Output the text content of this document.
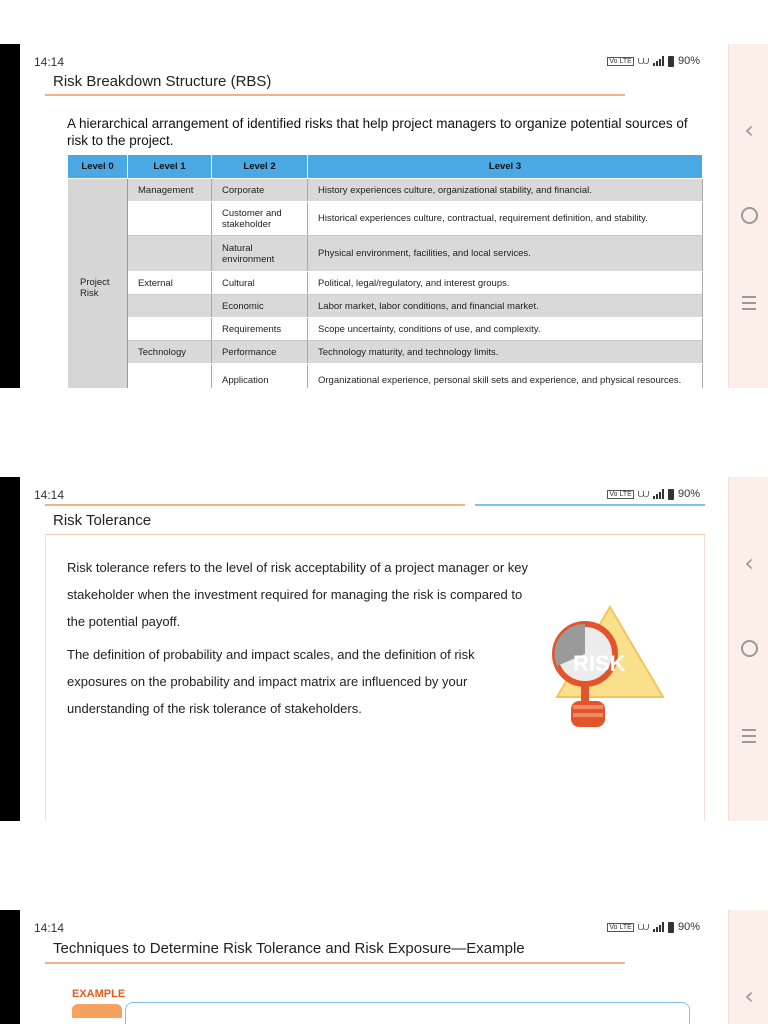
14:14	Vo LTE ⩊	90%
Risk Breakdown Structure (RBS)
A hierarchical arrangement of identified risks that help project managers to organize potential sources of risk to the project.
Level 0	Level 1	Level 2	Level 3
Project Risk	Management	Corporate	History experiences culture, organizational stability, and financial.
		Customer and stakeholder	Historical experiences culture, contractual, requirement definition, and stability.
		Natural environment	Physical environment, facilities, and local services.
	External	Cultural	Political, legal/regulatory, and interest groups.
		Economic	Labor market, labor conditions, and financial market.
		Requirements	Scope uncertainty, conditions of use, and complexity.
	Technology	Performance	Technology maturity, and technology limits.
		Application	Organizational experience, personal skill sets and experience, and physical resources.
‹
14:14	Vo LTE ⩊	90%
Risk Tolerance
Risk tolerance refers to the level of risk acceptability of a project manager or key stakeholder when the investment required for managing the risk is compared to the potential payoff.
The definition of probability and impact scales, and the definition of risk exposures on the probability and impact matrix are influenced by your understanding of the risk tolerance of stakeholders.
RISK
‹
14:14	Vo LTE ⩊	90%
Techniques to Determine Risk Tolerance and Risk Exposure—Example
EXAMPLE	‹
